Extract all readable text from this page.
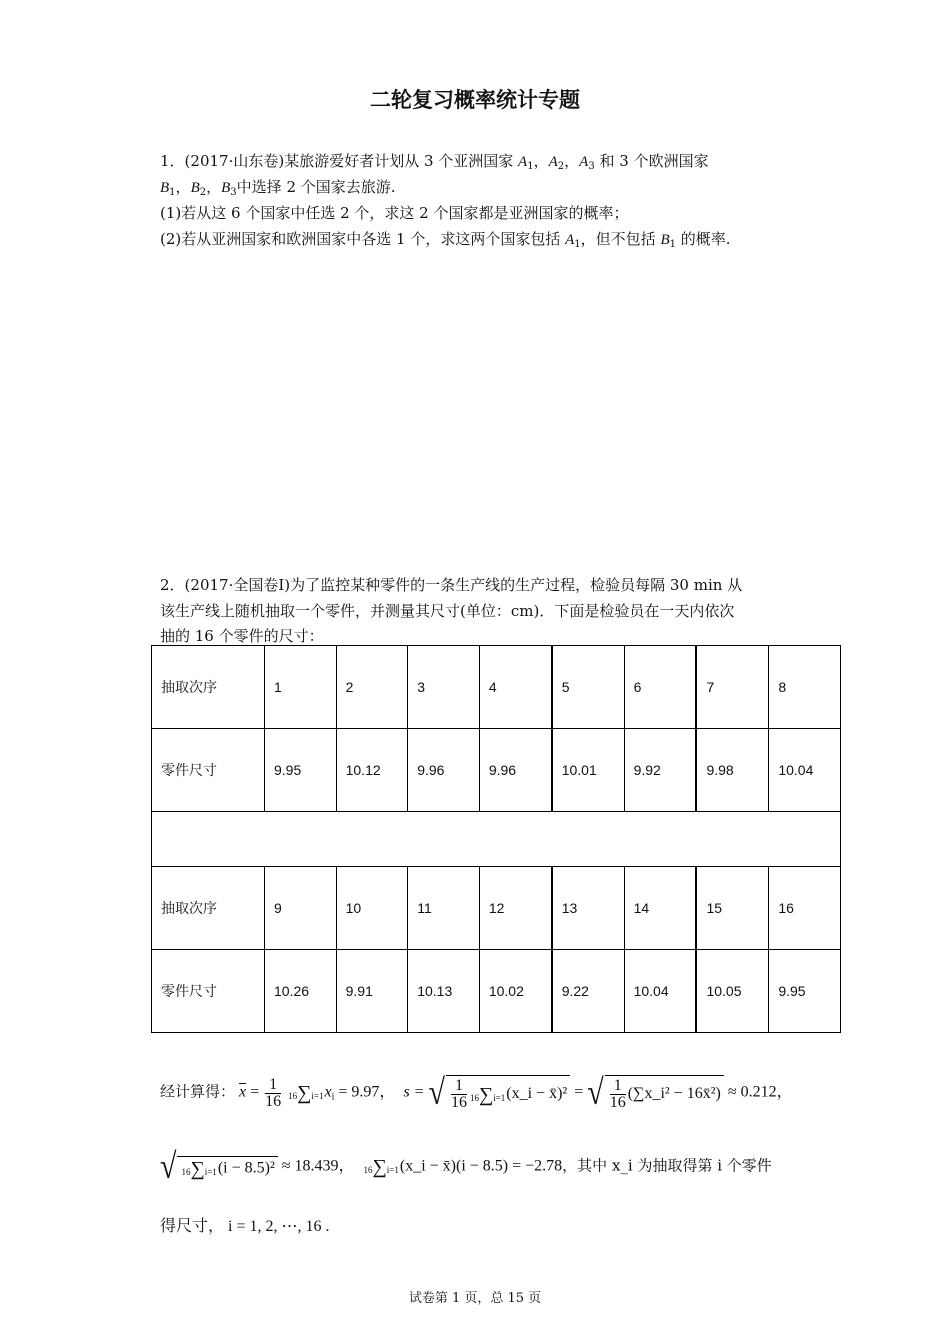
二轮复习概率统计专题
1．(2017·山东卷)某旅游爱好者计划从 3 个亚洲国家 $A_1$，$A_2$，$A_3$ 和 3 个欧洲国家
$B_1$，$B_2$，$B_3$中选择 2 个国家去旅游.
(1)若从这 6 个国家中任选 2 个，求这 2 个国家都是亚洲国家的概率；
(2)若从亚洲国家和欧洲国家中各选 1 个，求这两个国家包括 $A_1$，但不包括 $B_1$ 的概率.
2．(2017·全国卷Ⅰ)为了监控某种零件的一条生产线的生产过程，检验员每隔 30 min 从
该生产线上随机抽取一个零件，并测量其尺寸(单位：cm)．下面是检验员在一天内依次
抽的 16 个零件的尺寸：
抽取次序	1	2	3	4	5	6	7	8
零件尺寸	9.95	10.12	9.96	9.96	10.01	9.92	9.98	10.04

抽取次序	9	10	11	12	13	14	15	16
零件尺寸	10.26	9.91	10.13	10.02	9.22	10.04	10.05	9.95
经计算得： $\overline{x} = \frac{1}{16} 16\sum i=1x_i = 9.97$，  s = √ $\frac{1}{16}$ 16∑i=1(x_i − x̄)² = √ $\frac{1}{16}$ (∑x_i² − 16x̄²) ≈ 0.212，
√ 16∑i=1(i − 8.5)² ≈ 18.439， 16∑i=1(x_i − x̄)(i − 8.5) = −2.78，其中 x_i 为抽取得第 i 个零件
得尺寸， i = 1, 2, ⋯, 16 .
试卷第 1 页，总 15 页
